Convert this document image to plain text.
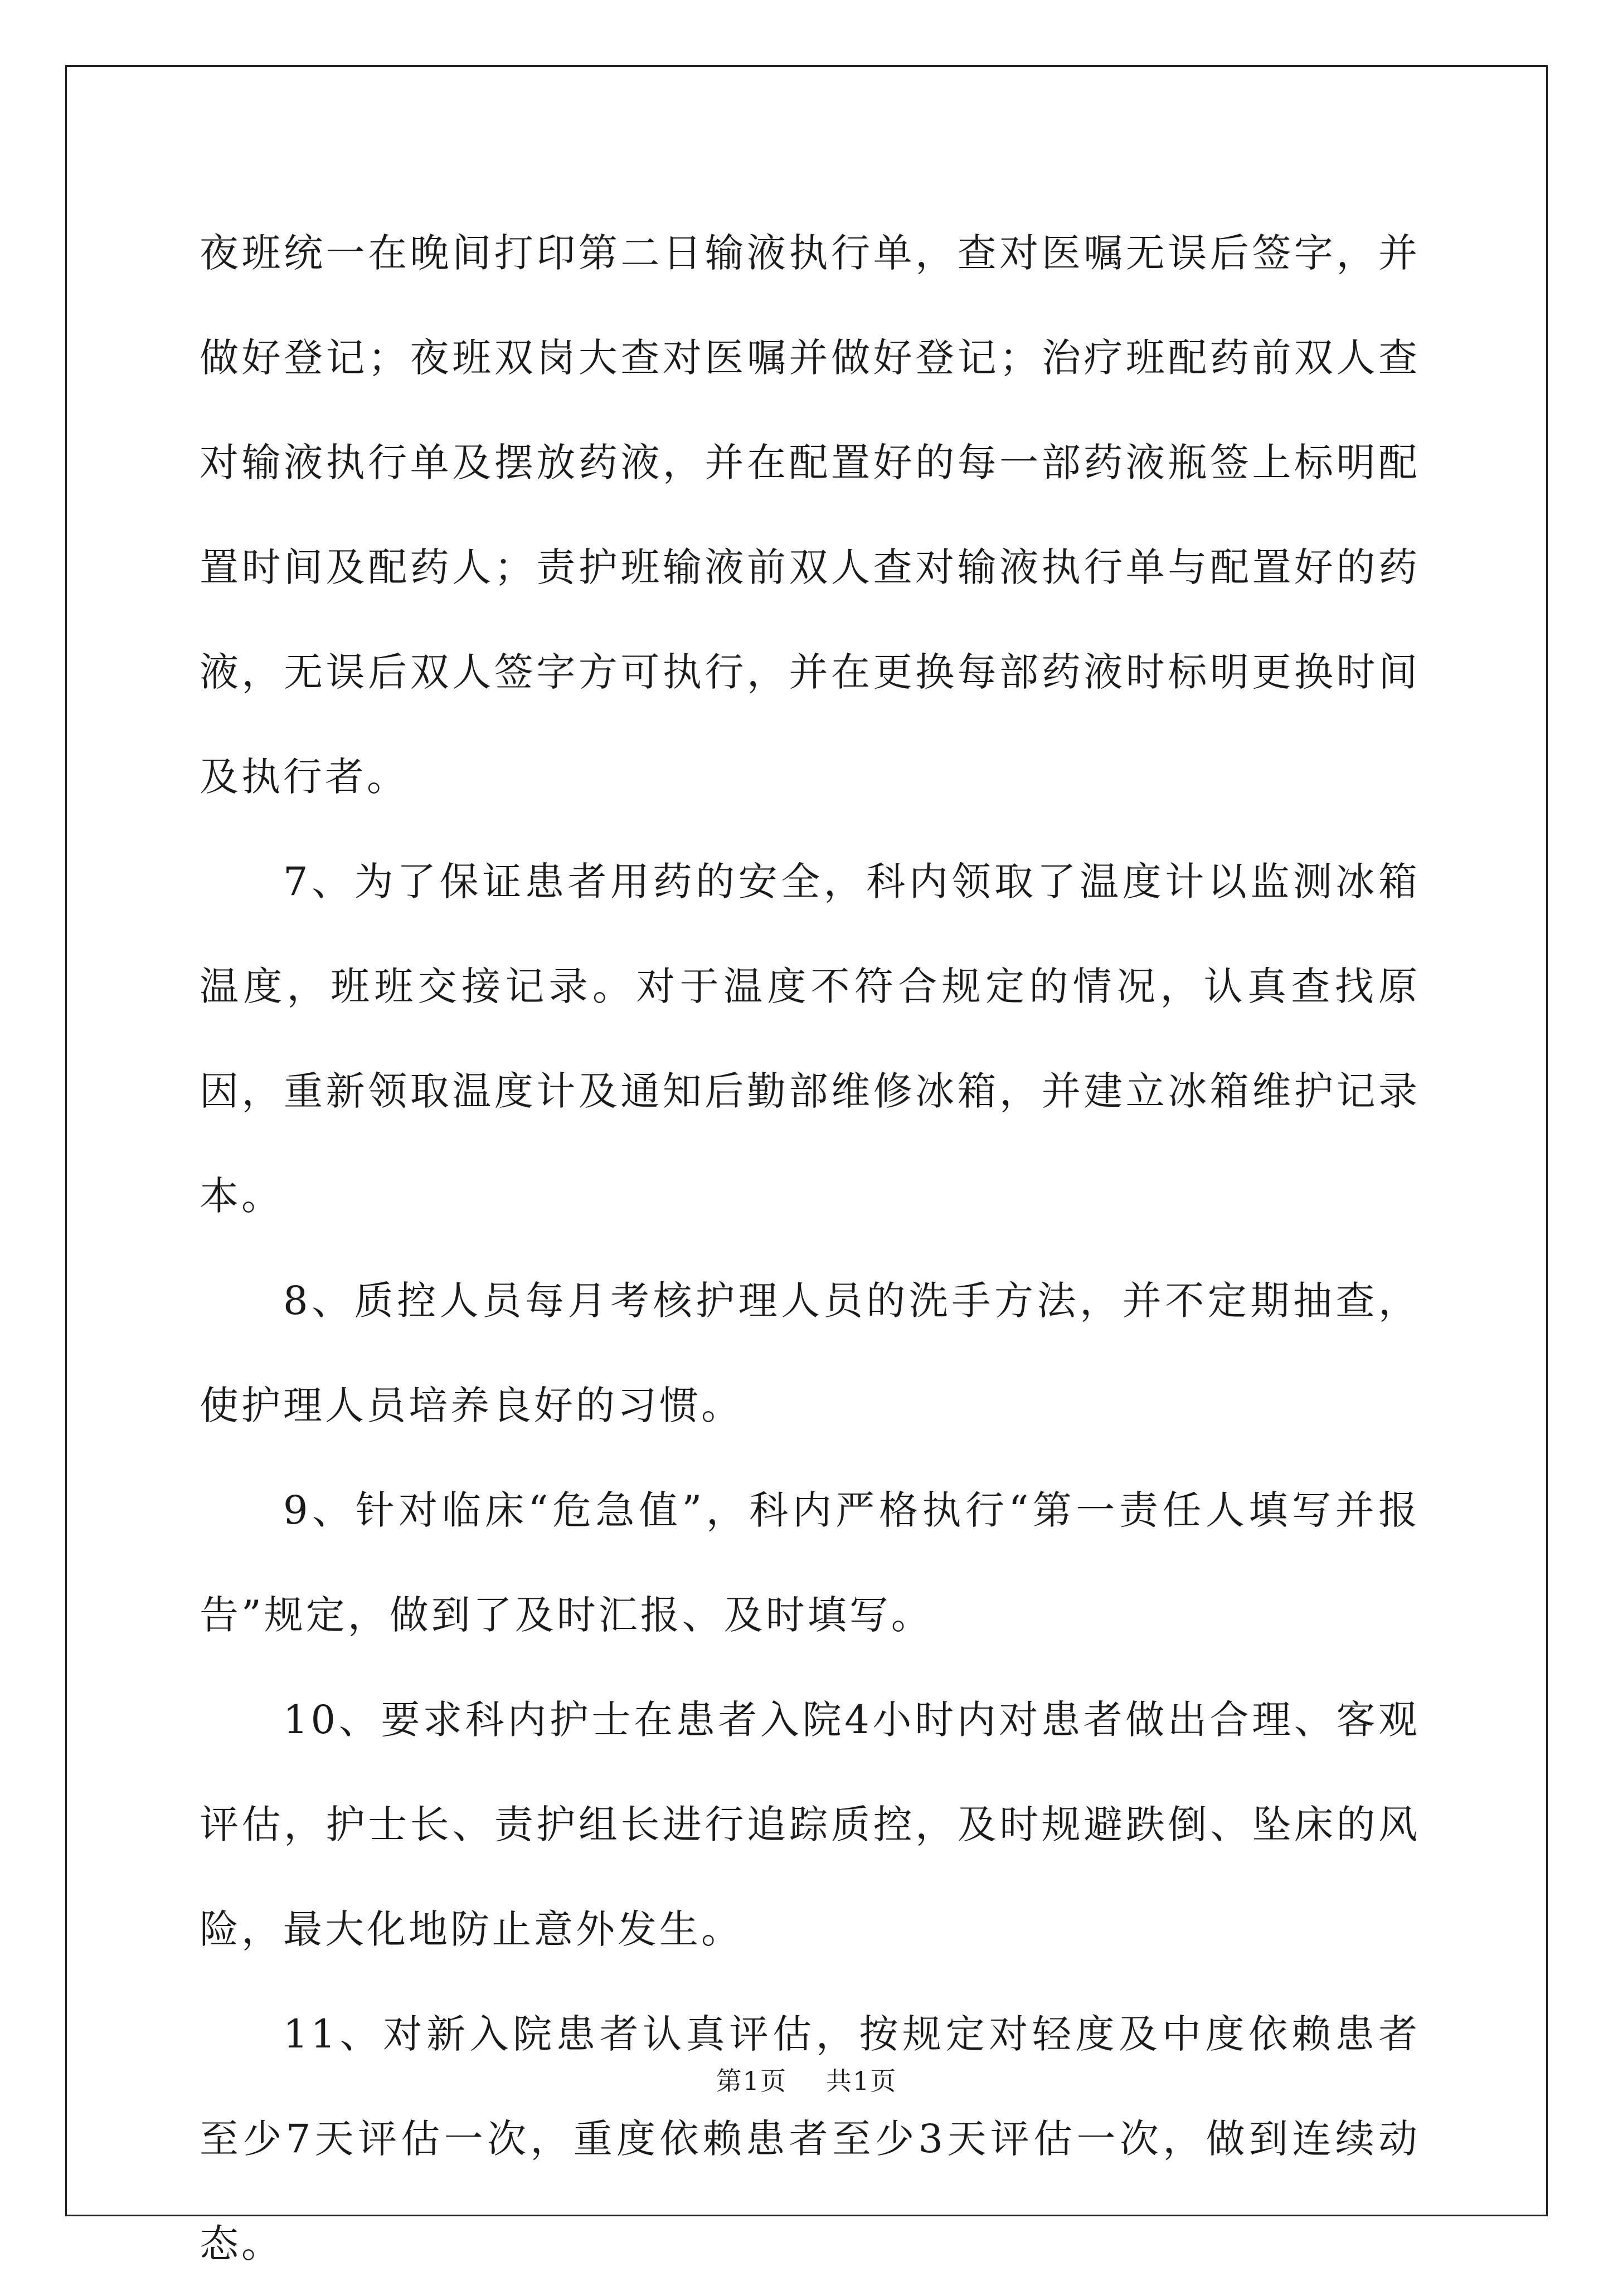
夜班统一在晚间打印第二日输液执行单，查对医嘱无误后签字，并做好登记；夜班双岗大查对医嘱并做好登记；治疗班配药前双人查对输液执行单及摆放药液，并在配置好的每一部药液瓶签上标明配置时间及配药人；责护班输液前双人查对输液执行单与配置好的药液，无误后双人签字方可执行，并在更换每部药液时标明更换时间及执行者。

7、为了保证患者用药的安全，科内领取了温度计以监测冰箱温度，班班交接记录。对于温度不符合规定的情况，认真查找原因，重新领取温度计及通知后勤部维修冰箱，并建立冰箱维护记录本。

8、质控人员每月考核护理人员的洗手方法，并不定期抽查，使护理人员培养良好的习惯。

9、针对临床“危急值”，科内严格执行“第一责任人填写并报告”规定，做到了及时汇报、及时填写。

10、要求科内护士在患者入院4小时内对患者做出合理、客观评估，护士长、责护组长进行追踪质控，及时规避跌倒、坠床的风险，最大化地防止意外发生。

11、对新入院患者认真评估，按规定对轻度及中度依赖患者至少7天评估一次，重度依赖患者至少3天评估一次，做到连续动态。

第1页 共1页
